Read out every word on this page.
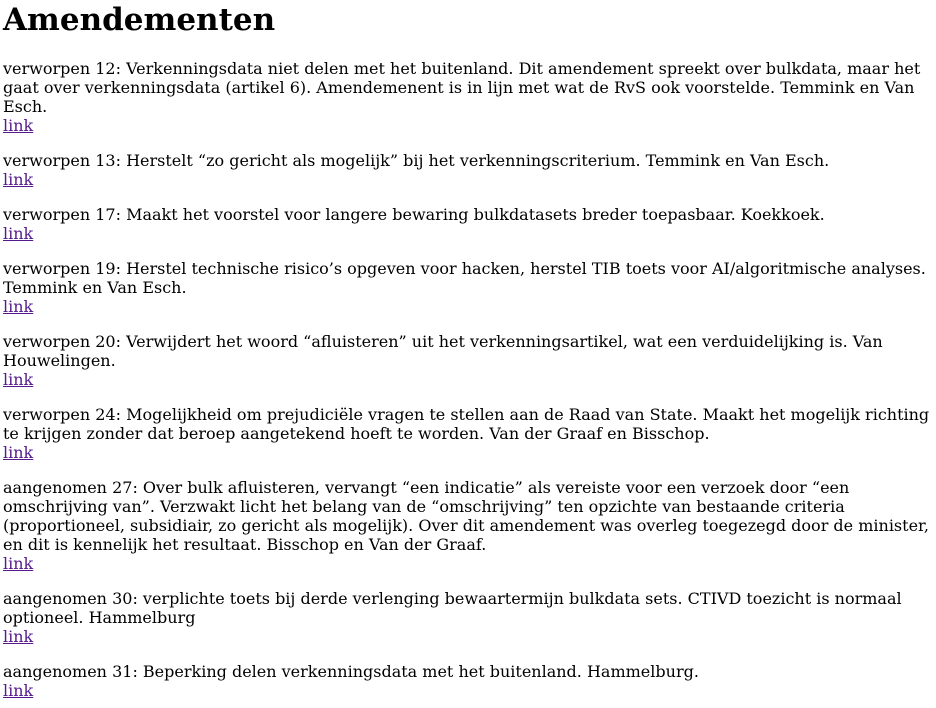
Amendementen
verworpen 12: Verkenningsdata niet delen met het buitenland. Dit amendement spreekt over bulkdata, maar het gaat over verkenningsdata (artikel 6). Amendemenent is in lijn met wat de RvS ook voorstelde. Temmink en Van Esch.
link
verworpen 13: Herstelt “zo gericht als mogelijk” bij het verkenningscriterium. Temmink en Van Esch.
link
verworpen 17: Maakt het voorstel voor langere bewaring bulkdatasets breder toepasbaar. Koekkoek.
link
verworpen 19: Herstel technische risico’s opgeven voor hacken, herstel TIB toets voor AI/algoritmische analyses. Temmink en Van Esch.
link
verworpen 20: Verwijdert het woord “afluisteren” uit het verkenningsartikel, wat een verduidelijking is. Van Houwelingen.
link
verworpen 24: Mogelijkheid om prejudiciële vragen te stellen aan de Raad van State. Maakt het mogelijk richting te krijgen zonder dat beroep aangetekend hoeft te worden. Van der Graaf en Bisschop.
link
aangenomen 27: Over bulk afluisteren, vervangt “een indicatie” als vereiste voor een verzoek door “een omschrijving van”. Verzwakt licht het belang van de “omschrijving” ten opzichte van bestaande criteria (proportioneel, subsidiair, zo gericht als mogelijk). Over dit amendement was overleg toegezegd door de minister, en dit is kennelijk het resultaat. Bisschop en Van der Graaf.
link
aangenomen 30: verplichte toets bij derde verlenging bewaartermijn bulkdata sets. CTIVD toezicht is normaal optioneel. Hammelburg
link
aangenomen 31: Beperking delen verkenningsdata met het buitenland. Hammelburg.
link
